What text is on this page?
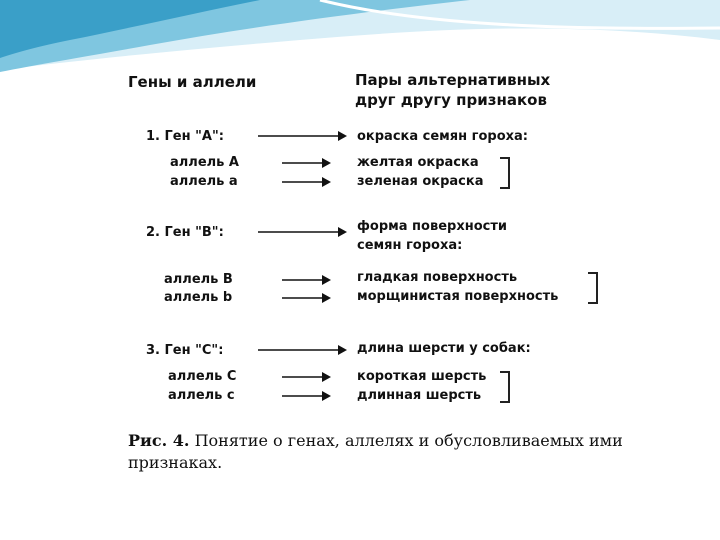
Гены и аллели	Пары альтернативных
друг другу признаков
1. Ген "А":	окраска семян гороха:
аллель А	желтая окраска
аллель а	зеленая окраска
2. Ген "В":	форма поверхности
семян гороха:
аллель В	гладкая поверхность
аллель b	морщинистая поверхность
3. Ген "С":	длина шерсти у собак:
аллель С	короткая шерсть
аллель с	длинная шерсть
Рис. 4. Понятие о генах, аллелях и обусловливаемых ими признаках.
